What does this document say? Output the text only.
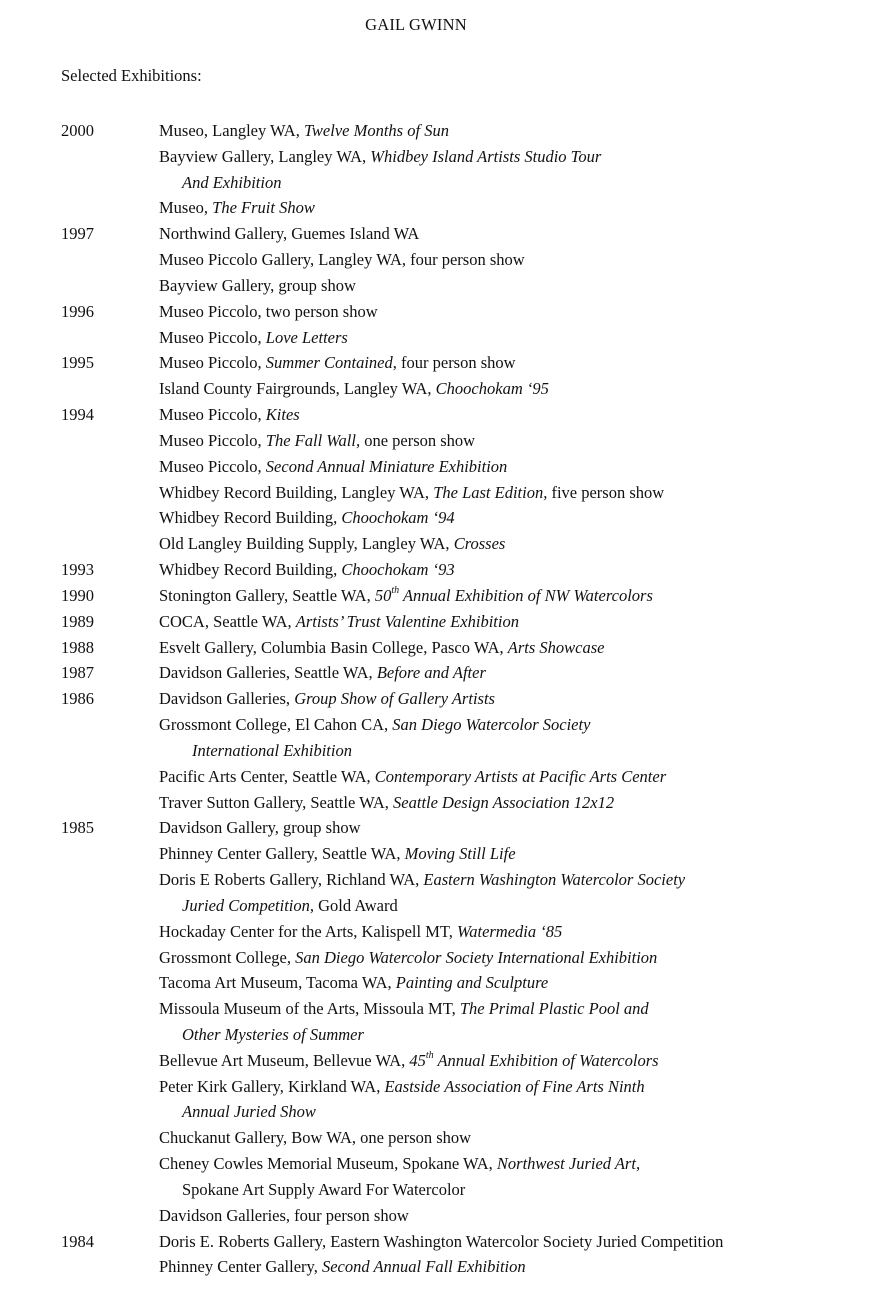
GAIL GWINN
Selected Exhibitions:
2000	Museo, Langley WA, Twelve Months of Sun
Bayview Gallery, Langley WA, Whidbey Island Artists Studio Tour
And Exhibition
Museo, The Fruit Show
1997	Northwind Gallery, Guemes Island WA
Museo Piccolo Gallery, Langley WA, four person show
Bayview Gallery, group show
1996	Museo Piccolo, two person show
Museo Piccolo, Love Letters
1995	Museo Piccolo, Summer Contained, four person show
Island County Fairgrounds, Langley WA, Choochokam ‘95
1994	Museo Piccolo, Kites
Museo Piccolo, The Fall Wall, one person show
Museo Piccolo, Second Annual Miniature Exhibition
Whidbey Record Building, Langley WA, The Last Edition, five person show
Whidbey Record Building, Choochokam ‘94
Old Langley Building Supply, Langley WA, Crosses
1993	Whidbey Record Building, Choochokam ‘93
1990	Stonington Gallery, Seattle WA, 50th Annual Exhibition of NW Watercolors
1989	COCA, Seattle WA, Artists’ Trust Valentine Exhibition
1988	Esvelt Gallery, Columbia Basin College, Pasco WA, Arts Showcase
1987	Davidson Galleries, Seattle WA, Before and After
1986	Davidson Galleries, Group Show of Gallery Artists
Grossmont College, El Cahon CA, San Diego Watercolor Society
International Exhibition
Pacific Arts Center, Seattle WA, Contemporary Artists at Pacific Arts Center
Traver Sutton Gallery, Seattle WA, Seattle Design Association 12x12
1985	Davidson Gallery, group show
Phinney Center Gallery, Seattle WA, Moving Still Life
Doris E Roberts Gallery, Richland WA, Eastern Washington Watercolor Society
Juried Competition, Gold Award
Hockaday Center for the Arts, Kalispell MT, Watermedia ‘85
Grossmont College, San Diego Watercolor Society International Exhibition
Tacoma Art Museum, Tacoma WA, Painting and Sculpture
Missoula Museum of the Arts, Missoula MT, The Primal Plastic Pool and
Other Mysteries of Summer
Bellevue Art Museum, Bellevue WA, 45th Annual Exhibition of Watercolors
Peter Kirk Gallery, Kirkland WA, Eastside Association of Fine Arts Ninth
Annual Juried Show
Chuckanut Gallery, Bow WA, one person show
Cheney Cowles Memorial Museum, Spokane WA, Northwest Juried Art,
Spokane Art Supply Award For Watercolor
Davidson Galleries, four person show
1984	Doris E. Roberts Gallery, Eastern Washington Watercolor Society Juried Competition
Phinney Center Gallery, Second Annual Fall Exhibition
